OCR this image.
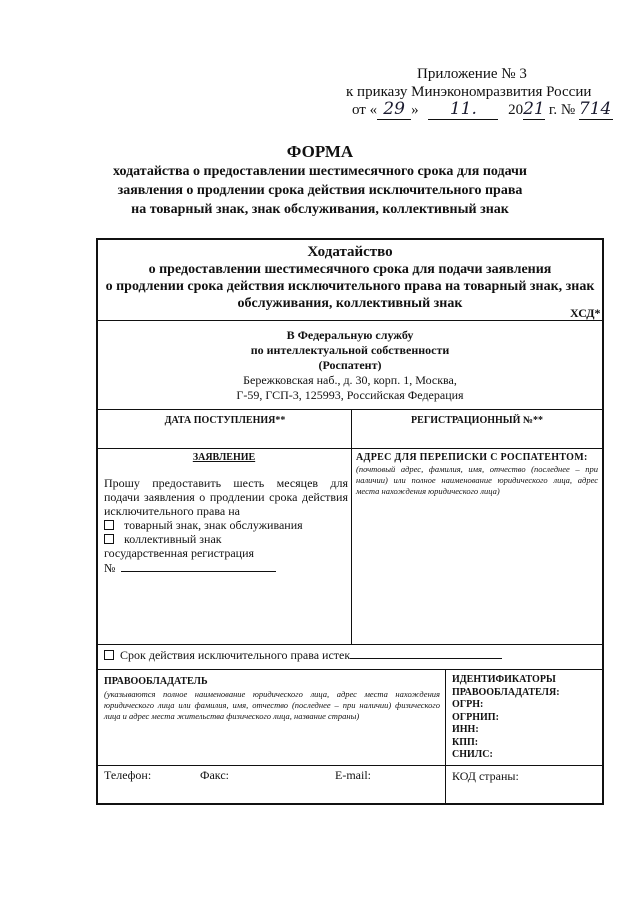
Приложение № 3
к приказу Минэкономразвития России
от « 29 » 11. 2021 г. № 714
ФОРМА
ходатайства о предоставлении шестимесячного срока для подачи
заявления о продлении срока действия исключительного права
на товарный знак, знак обслуживания, коллективный знак
Ходатайство
о предоставлении шестимесячного срока для подачи заявления
о продлении срока действия исключительного права на товарный знак, знак
обслуживания, коллективный знак
ХСД*
В Федеральную службу
по интеллектуальной собственности
(Роспатент)
Бережковская наб., д. 30, корп. 1, Москва,
Г-59, ГСП-3, 125993, Российская Федерация
ДАТА ПОСТУПЛЕНИЯ**	РЕГИСТРАЦИОННЫЙ №**
ЗАЯВЛЕНИЕ
Прошу предоставить шесть месяцев для подачи заявления о продлении срока действия исключительного права на
товарный знак, знак обслуживания
коллективный знак
государственная регистрация
№
АДРЕС ДЛЯ ПЕРЕПИСКИ С РОСПАТЕНТОМ:
(почтовый адрес, фамилия, имя, отчество (последнее – при наличии) или полное наименование юридического лица, адрес места нахождения юридического лица)
Срок действия исключительного права истек
ПРАВООБЛАДАТЕЛЬ
(указываются полное наименование юридического лица, адрес места нахождения юридического лица или фамилия, имя, отчество (последнее – при наличии) физического лица и адрес места жительства физического лица, название страны)
ИДЕНТИФИКАТОРЫ
ПРАВООБЛАДАТЕЛЯ:
ОГРН:
ОГРНИП:
ИНН:
КПП:
СНИЛС:
Телефон:	Факс:	E-mail:	КОД страны:
